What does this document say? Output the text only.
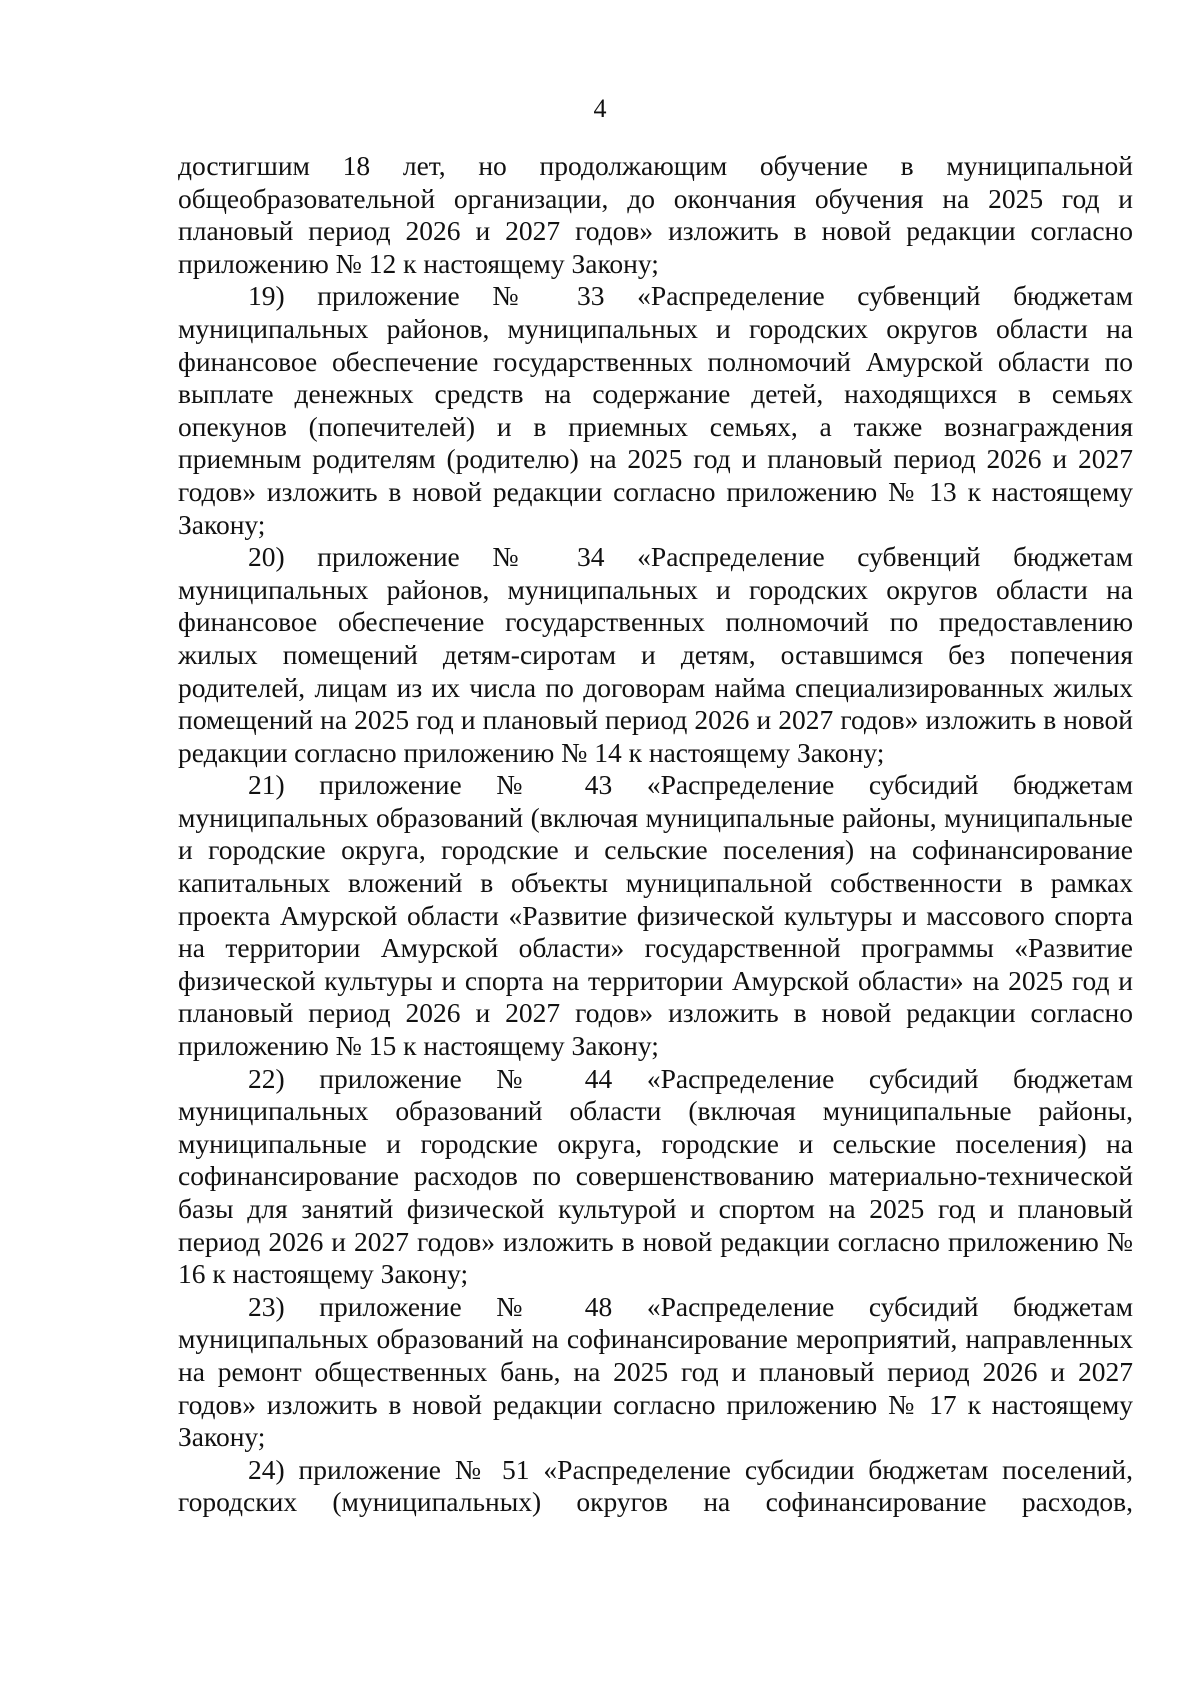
4

достигшим 18 лет, но продолжающим обучение в муниципальной общеобразовательной организации, до окончания обучения на 2025 год и плановый период 2026 и 2027 годов» изложить в новой редакции согласно приложению № 12 к настоящему Закону;

19) приложение № 33 «Распределение субвенций бюджетам муниципальных районов, муниципальных и городских округов области на финансовое обеспечение государственных полномочий Амурской области по выплате денежных средств на содержание детей, находящихся в семьях опекунов (попечителей) и в приемных семьях, а также вознаграждения приемным родителям (родителю) на 2025 год и плановый период 2026 и 2027 годов» изложить в новой редакции согласно приложению № 13 к настоящему Закону;

20) приложение № 34 «Распределение субвенций бюджетам муниципальных районов, муниципальных и городских округов области на финансовое обеспечение государственных полномочий по предоставлению жилых помещений детям-сиротам и детям, оставшимся без попечения родителей, лицам из их числа по договорам найма специализированных жилых помещений на 2025 год и плановый период 2026 и 2027 годов» изложить в новой редакции согласно приложению № 14 к настоящему Закону;

21) приложение № 43 «Распределение субсидий бюджетам муниципальных образований (включая муниципальные районы, муниципальные и городские округа, городские и сельские поселения) на софинансирование капитальных вложений в объекты муниципальной собственности в рамках проекта Амурской области «Развитие физической культуры и массового спорта на территории Амурской области» государственной программы «Развитие физической культуры и спорта на территории Амурской области» на 2025 год и плановый период 2026 и 2027 годов» изложить в новой редакции согласно приложению № 15 к настоящему Закону;

22) приложение № 44 «Распределение субсидий бюджетам муниципальных образований области (включая муниципальные районы, муниципальные и городские округа, городские и сельские поселения) на софинансирование расходов по совершенствованию материально-технической базы для занятий физической культурой и спортом на 2025 год и плановый период 2026 и 2027 годов» изложить в новой редакции согласно приложению № 16 к настоящему Закону;

23) приложение № 48 «Распределение субсидий бюджетам муниципальных образований на софинансирование мероприятий, направленных на ремонт общественных бань, на 2025 год и плановый период 2026 и 2027 годов» изложить в новой редакции согласно приложению № 17 к настоящему Закону;

24) приложение № 51 «Распределение субсидии бюджетам поселений, городских (муниципальных) округов на софинансирование расходов,
